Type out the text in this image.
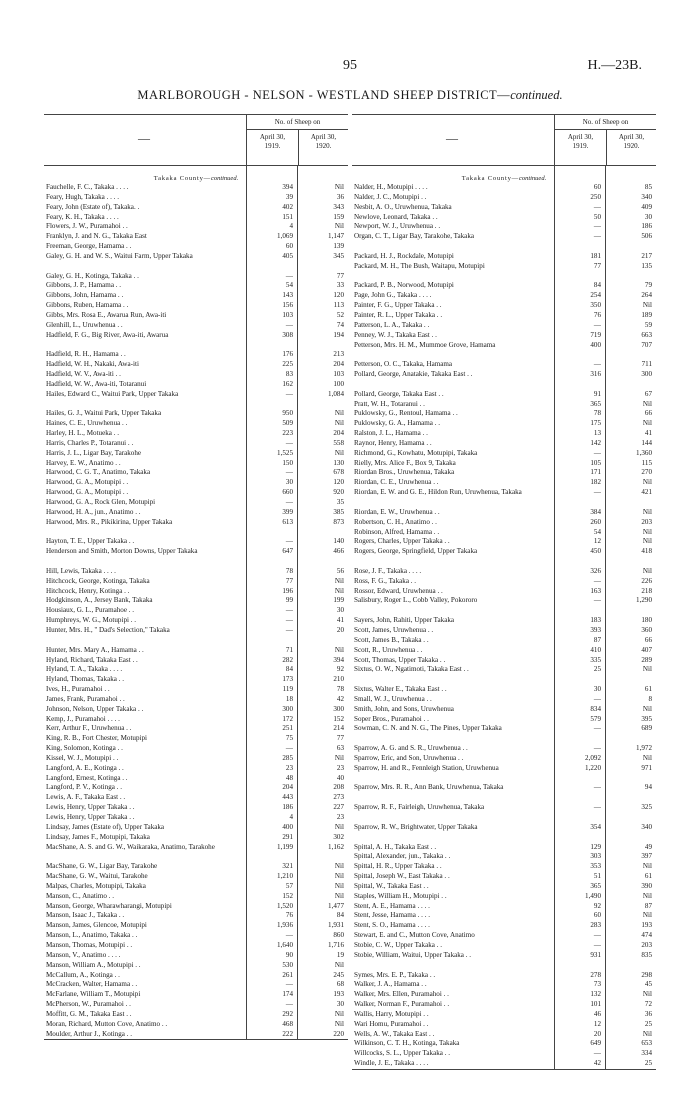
95	H.—23B.
MARLBOROUGH - NELSON - WESTLAND SHEEP DISTRICT—continued.
—
No. of Sheep on
April 30,
1919.
April 30,
1920.
Takaka County—continued.
Fauchelle, F. C., Takaka . . . .	394	Nil
Feary, Hugh, Takaka . . . .	39	36
Feary, John (Estate of), Takaka. .	402	343
Feary, K. H., Takaka . . . .	151	159
Flowers, J. W., Puramahoi . .	4	Nil
Franklyn, J. and N. G., Takaka East	1,069	1,147
Freeman, George, Hamama . .	60	139
Galey, G. H. and W. S., Waitui Farm, Upper Takaka	405	345
Galey, G. H., Kotinga, Takaka . .	—	77
Gibbons, J. P., Hamama . .	54	33
Gibbons, John, Hamama . .	143	120
Gibbons, Ruben, Hamama . .	156	113
Gibbs, Mrs. Rosa E., Awarua Run, Awa-iti	103	52
Glenhill, L., Uruwhenua . .	—	74
Hadfield, F. G., Big River, Awa-iti, Awarua	308	194
Hadfield, R. H., Hamama . .	176	213
Hadfield, W. H., Nakaki, Awa-iti	225	204
Hadfield, W. V., Awa-iti . .	83	103
Hadfield, W. W., Awa-iti, Totaranui	162	100
Hailes, Edward C., Waitui Park, Upper Takaka	—	1,084
Hailes, G. J., Waitui Park, Upper Takaka	950	Nil
Haines, C. E., Uruwhenua . .	509	Nil
Harley, H. L., Motueka . .	223	204
Harris, Charles P., Totaranui . .	—	558
Harris, J. L., Ligar Bay, Tarakohe	1,525	Nil
Harvey, E. W., Anatimo . .	150	130
Harwood, C. G. T., Anatimo, Takaka	—	678
Harwood, G. A., Motupipi . .	30	120
Harwood, G. A., Motupipi . .	660	920
Harwood, G. A., Rock Glen, Motupipi	—	35
Harwood, H. A., jun., Anatimo . .	399	385
Harwood, Mrs. R., Pikikirina, Upper Takaka	613	873
Hayton, T. E., Upper Takaka . .	—	140
Henderson and Smith, Morton Downs, Upper Takaka	647	466
Hill, Lewis, Takaka . . . .	78	56
Hitchcock, George, Kotinga, Takaka	77	Nil
Hitchcock, Henry, Kotinga . .	196	Nil
Hodgkinson, A., Jersey Bank, Takaka	99	199
Housiaux, G. L., Puramahoe . .	—	30
Humphreys, W. G., Motupipi . .	—	41
Hunter, Mrs. H., " Dad's Selection," Takaka	—	20
Hunter, Mrs. Mary A., Hamama . .	71	Nil
Hyland, Richard, Takaka East . .	282	394
Hyland, T. A., Takaka . . . .	84	92
Hyland, Thomas, Takaka . .	173	210
Ives, H., Puramahoi . .	119	78
James, Frank, Puramahoi . .	18	42
Johnson, Nelson, Upper Takaka . .	300	300
Kemp, J., Puramahoi . . . .	172	152
Kerr, Arthur F., Uruwhenua . .	251	214
King, R. B., Fort Chester, Motupipi	75	77
King, Solomon, Kotinga . .	—	63
Kissel, W. J., Motupipi . .	285	Nil
Langford, A. E., Kotinga . .	23	23
Langford, Ernest, Kotinga . .	48	40
Langford, P. V., Kotinga . .	204	208
Lewis, A. F., Takaka East . .	443	273
Lewis, Henry, Upper Takaka . .	186	227
Lewis, Henry, Upper Takaka . .	4	23
Lindsay, James (Estate of), Upper Takaka	400	Nil
Lindsay, James F., Motupipi, Takaka	291	302
MacShane, A. S. and G. W., Waikaraka, Anatimo, Tarakohe	1,199	1,162
MacShane, G. W., Ligar Bay, Tarakohe	321	Nil
MacShane, G. W., Waitui, Tarakohe	1,210	Nil
Malpas, Charles, Motupipi, Takaka	57	Nil
Manson, C., Anatimo . .	152	Nil
Manson, George, Wharawharangi, Motupipi	1,520	1,477
Manson, Isaac J., Takaka . .	76	84
Manson, James, Glencoe, Motupipi	1,936	1,931
Manson, L., Anatimo, Takaka . .	—	860
Manson, Thomas, Motupipi . .	1,640	1,716
Manson, V., Anatimo . . . .	90	19
Manson, William A., Motupipi . .	530	Nil
McCallum, A., Kotinga . .	261	245
McCracken, Walter, Hamama . .	—	68
McFarlane, William T., Motupipi	174	193
McPherson, W., Puramahoi . .	—	30
Moffitt, G. M., Takaka East . .	292	Nil
Moran, Richard, Mutton Cove, Anatimo . .	468	Nil
Moulder, Arthur J., Kotinga . .	222	220
—
No. of Sheep on
April 30,
1919.
April 30,
1920.
Takaka County—continued.
Nalder, H., Motupipi . . . .	60	85
Nalder, J. C., Motupipi . .	250	340
Nesbit, A. O., Uruwhenua, Takaka	—	409
Newlove, Leonard, Takaka . .	50	30
Newport, W. J., Uruwhenua . .	—	186
Organ, C. T., Ligar Bay, Tarakohe, Takaka	—	506
Packard, H. J., Rockdale, Motupipi	181	217
Packard, M. H., The Bush, Waitapu, Motupipi	77	135
Packard, P. B., Norwood, Motupipi	84	79
Page, John G., Takaka . . . .	254	264
Painter, F. G., Upper Takaka . .	350	Nil
Painter, R. L., Upper Takaka . .	76	189
Patterson, L. A., Takaka . .	—	59
Penney, W. J., Takaka East . .	719	663
Petterson, Mrs. H. M., Mummoe Grove, Hamama	400	707
Petterson, O. C., Takaka, Hamama	—	711
Pollard, George, Anatakie, Takaka East . .	316	300
Pollard, George, Takaka East . .	91	67
Pratt, W. H., Totaranui . .	365	Nil
Puklowsky, G., Rentoul, Hamama . .	78	66
Puklowsky, G. A., Hamama . .	175	Nil
Ralston, J. L., Hamama . .	13	41
Raynor, Henry, Hamama . .	142	144
Richmond, G., Kowhatu, Motupipi, Takaka	—	1,360
Rielly, Mrs. Alice F., Box 9, Takaka	105	115
Riordan Bros., Uruwhenua, Takaka	171	270
Riordan, C. E., Uruwhenua . .	182	Nil
Riordan, E. W. and G. E., Hildon Run, Uruwhenua, Takaka	—	421
Riordan, E. W., Uruwhenua . .	384	Nil
Robertson, C. H., Anatimo . .	260	203
Robinson, Alfred, Hamama . .	54	Nil
Rogers, Charles, Upper Takaka . .	12	Nil
Rogers, George, Springfield, Upper Takaka	450	418
Rose, J. F., Takaka . . . .	326	Nil
Ross, F. G., Takaka . .	—	226
Rossor, Edward, Uruwhenua . .	163	218
Salisbury, Roger L., Cobb Valley, Pokororo	—	1,290
Sayers, John, Rahiti, Upper Takaka	183	180
Scott, James, Uruwhenua . .	393	360
Scott, James B., Takaka . .	87	66
Scott, R., Uruwhenua . .	410	407
Scott, Thomas, Upper Takaka . .	335	289
Sixtus, O. W., Ngatimoti, Takaka East . .	25	Nil
Sixtus, Walter E., Takaka East . .	30	61
Small, W. J., Uruwhenua . .	—	8
Smith, John, and Sons, Uruwhenua	834	Nil
Soper Bros., Puramahoi . .	579	395
Sowman, C. N. and N. G., The Pines, Upper Takaka	—	689
Sparrow, A. G. and S. R., Uruwhenua . .	—	1,972
Sparrow, Eric, and Son, Uruwhenua . .	2,092	Nil
Sparrow, H. and R., Fennleigh Station, Uruwhenua	1,220	971
Sparrow, Mrs. R. R., Ann Bank, Uruwhenua, Takaka	—	94
Sparrow, R. F., Fairleigh, Uruwhenua, Takaka	—	325
Sparrow, R. W., Brightwater, Upper Takaka	354	340
Spittal, A. H., Takaka East . .	129	49
Spittal, Alexander, jun., Takaka . .	303	397
Spittal, H. R., Upper Takaka . .	353	Nil
Spittal, Joseph W., East Takaka . .	51	61
Spittal, W., Takaka East . .	365	390
Staples, William H., Motupipi . .	1,490	Nil
Stent, A. E., Hamama . . . .	92	87
Stent, Jesse, Hamama . . . .	60	Nil
Stent, S. O., Hamama . . . .	283	193
Stewart, E. and C., Mutton Cove, Anatimo	—	474
Stobie, C. W., Upper Takaka . .	—	203
Stobie, William, Waitui, Upper Takaka . .	931	835
Symes, Mrs. E. P., Takaka . .	278	298
Walker, J. A., Hamama . .	73	45
Walker, Mrs. Ellen, Puramahoi . .	132	Nil
Walker, Norman F., Puramahoi . .	101	72
Wallis, Harry, Motupipi . .	46	36
Wari Homu, Puramahoi . .	12	25
Wells, A. W., Takaka East . .	20	Nil
Wilkinson, C. T. H., Kotinga, Takaka	649	653
Willcocks, S. L., Upper Takaka . .	—	334
Windle, J. E., Takaka . . . .	42	25
